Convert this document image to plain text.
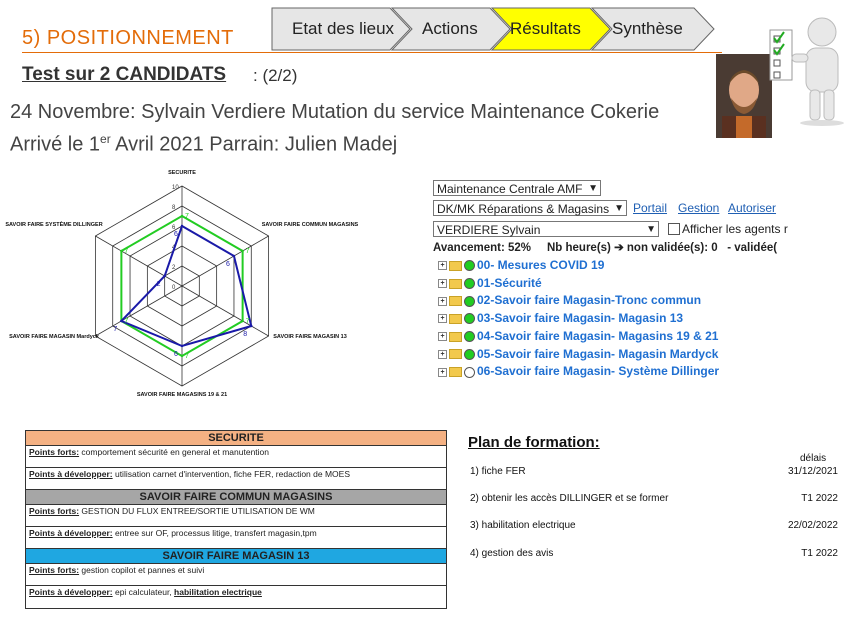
5) POSITIONNEMENT	Etat des lieux Actions Résultats Synthèse
Test sur 2 CANDIDATS : (2/2)
24 Novembre: Sylvain Verdiere Mutation du service Maintenance Cokerie
Arrivé le 1er Avril 2021 Parrain: Julien Madej
0
2
4
6
8
10
7
7
7
7
7
7
6
6
8
6
7
2
SECURITE
SAVOIR FAIRE COMMUN MAGASINS
SAVOIR FAIRE MAGASIN 13
SAVOIR FAIRE MAGASINS 19 & 21
SAVOIR FAIRE MAGASIN Mardyck
SAVOIR FAIRE SYSTÈME DILLINGER
Maintenance Centrale AMF ▼
DK/MK Réparations & Magasins ▼ Portail Gestion Autoriser
VERDIERE Sylvain	▼ Afficher les agents r
Avancement: 52%     Nb heure(s) ➔ non validée(s): 0   - validée(
+	00- Mesures COVID 19
+	01-Sécurité
+	02-Savoir faire Magasin-Tronc commun
+	03-Savoir faire Magasin- Magasin 13
+	04-Savoir faire Magasin- Magasins 19 & 21
+	05-Savoir faire Magasin- Magasin Mardyck
+	06-Savoir faire Magasin- Système Dillinger
SECURITE
Points forts: comportement sécurité en general et manutention
Points à développer: utilisation carnet d'intervention, fiche FER, redaction de MOES
SAVOIR FAIRE COMMUN MAGASINS
Points forts: GESTION DU FLUX ENTREE/SORTIE UTILISATION DE WM
Points à développer: entree sur OF, processus litige, transfert magasin,tpm
SAVOIR FAIRE MAGASIN 13
Points forts: gestion copilot et pannes et suivi
Points à développer: epi calculateur, habilitation electrique
Plan de formation:
délais
1) fiche FER	31/12/2021
2) obtenir les accès DILLINGER et se former	T1 2022
3) habilitation electrique	22/02/2022
4) gestion des avis	T1 2022
